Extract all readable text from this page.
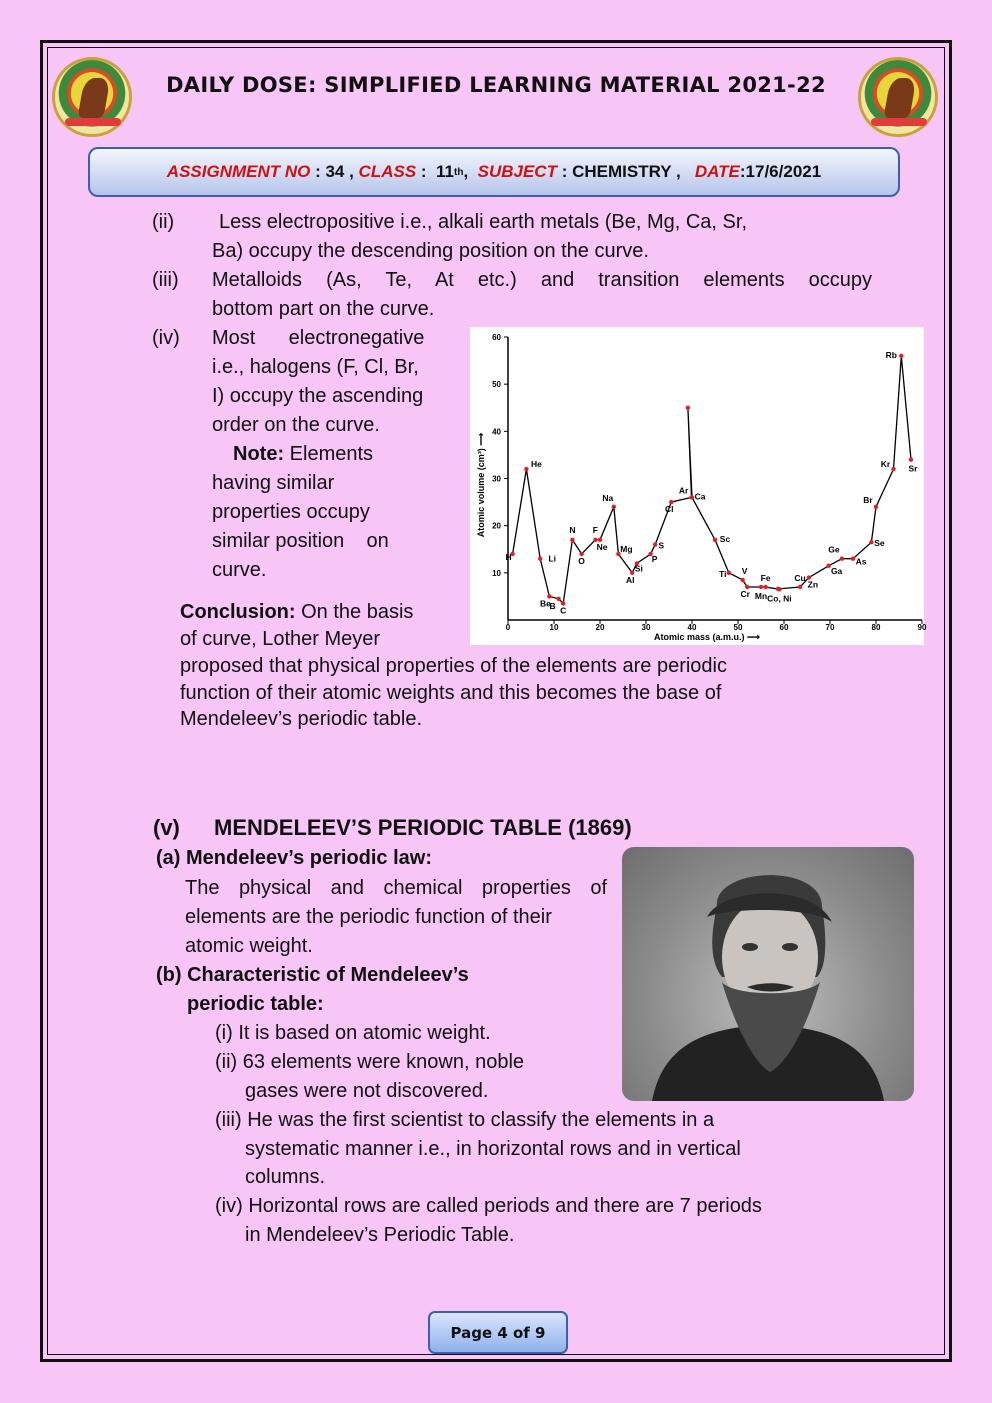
DAILY DOSE: SIMPLIFIED LEARNING MATERIAL 2021-22
ASSIGNMENT NO : 34 , CLASS :  11 th , SUBJECT : CHEMISTRY , DATE :17/6/2021
(ii) Less electropositive i.e., alkali earth metals (Be, Mg, Ca, Sr,
Ba) occupy the descending position on the curve.
(iii) Metalloids (As, Te, At etc.) and transition elements occupy
bottom part on the curve.
(iv) Most      electronegative
i.e., halogens (F, Cl, Br,
I) occupy the ascending
order on the curve.
Note: Elements
having similar
properties occupy
similar position    on
curve.
Conclusion: On the basis
of curve, Lother Meyer
proposed that physical properties of the elements are periodic
function of their atomic weights and this becomes the base of
Mendeleev’s periodic table.
0	10	20	30	40	50	60	70	80	90
10
20
30
40
50
60
H
He
Li
Be
B C
N
O
F
Ne
Na
Mg
Al
Si
P
S
Cl
Ar
Ca
Sc
Ti V
Cr Mn
Fe
Co, Ni
Cu
Zn
Ga
Ge
As
Se
Br
Kr
Rb
Sr
Atomic volume (cm³) ⟶
Atomic mass (a.m.u.) ⟶
(v) MENDELEEV’S PERIODIC TABLE (1869)
(a) Mendeleev’s periodic law:
The physical and chemical properties of
elements are the periodic function of their
atomic weight.
(b) Characteristic of Mendeleev’s
periodic table:
(i) It is based on atomic weight.
(ii) 63 elements were known, noble
gases were not discovered.
(iii) He was the first scientist to classify the elements in a
systematic manner i.e., in horizontal rows and in vertical
columns.
(iv) Horizontal rows are called periods and there are 7 periods
in Mendeleev’s Periodic Table.
Page 4 of 9
